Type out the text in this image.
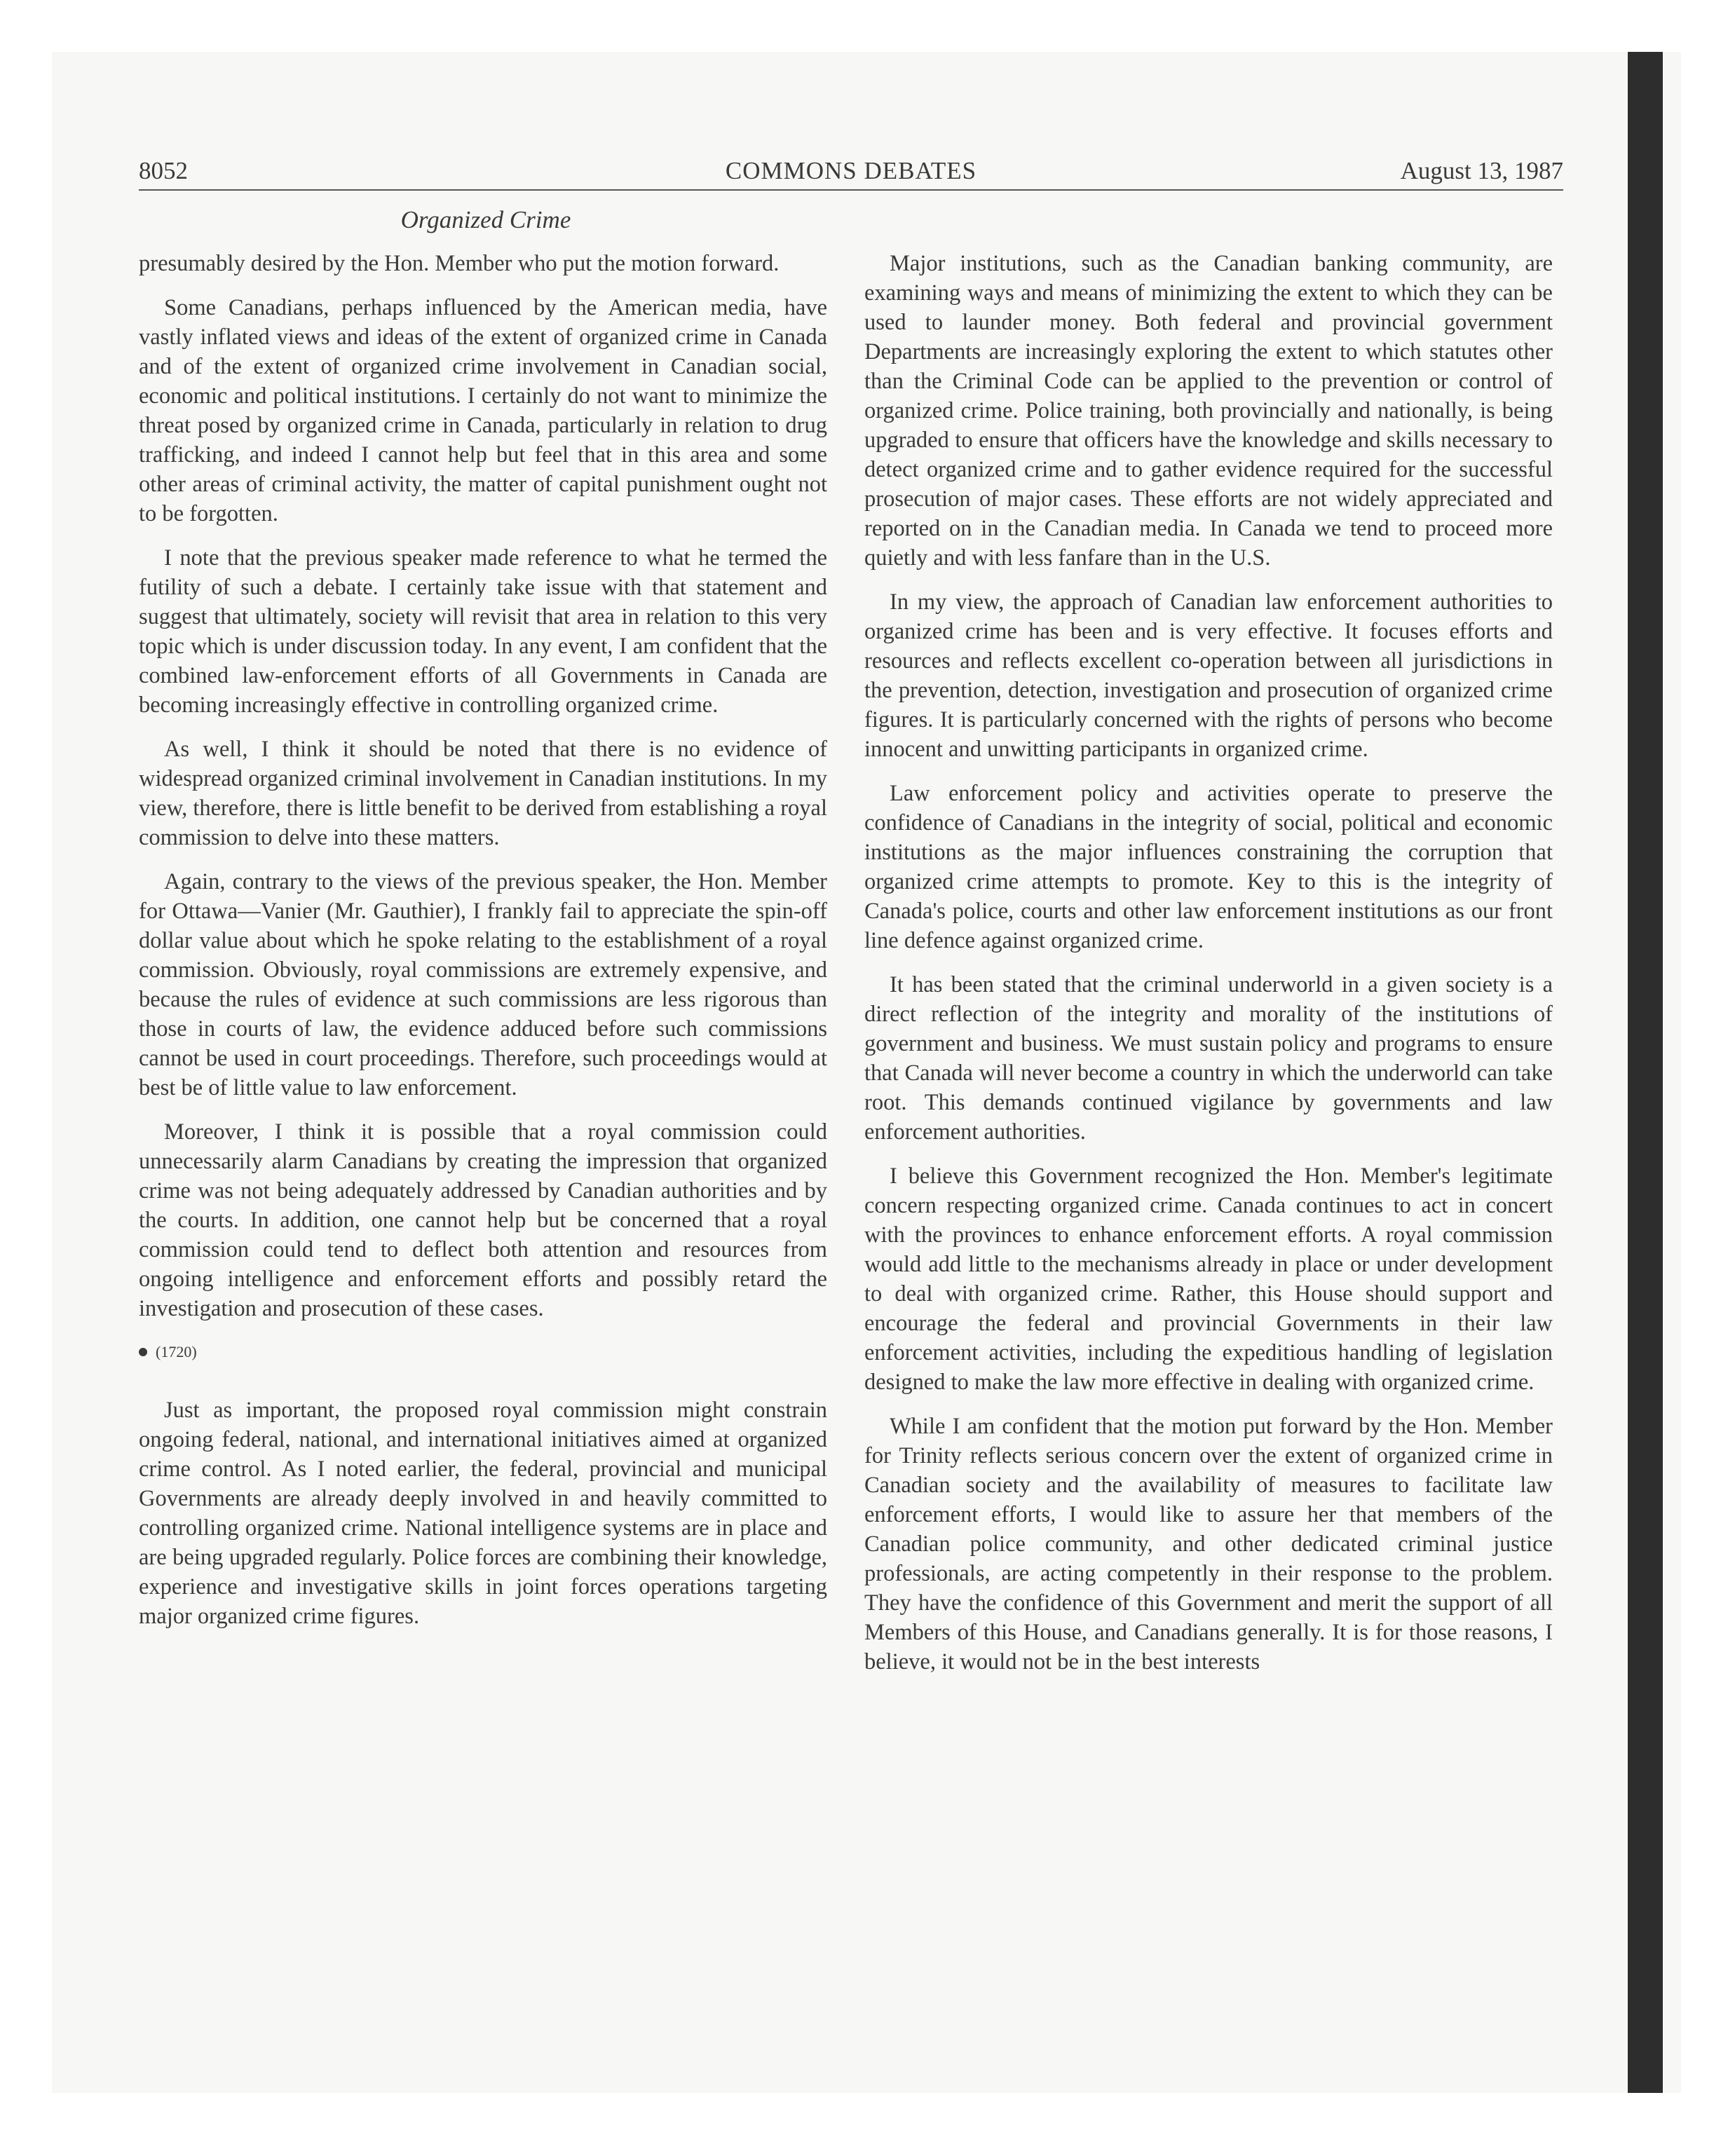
8052	COMMONS DEBATES	August 13, 1987
Organized Crime

presumably desired by the Hon. Member who put the motion forward.

Some Canadians, perhaps influenced by the American media, have vastly inflated views and ideas of the extent of organized crime in Canada and of the extent of organized crime involvement in Canadian social, economic and political institutions. I certainly do not want to minimize the threat posed by organized crime in Canada, particularly in relation to drug trafficking, and indeed I cannot help but feel that in this area and some other areas of criminal activity, the matter of capital punishment ought not to be forgotten.

I note that the previous speaker made reference to what he termed the futility of such a debate. I certainly take issue with that statement and suggest that ultimately, society will revisit that area in relation to this very topic which is under discussion today. In any event, I am confident that the combined law-enforcement efforts of all Governments in Canada are becoming increasingly effective in controlling organized crime.

As well, I think it should be noted that there is no evidence of widespread organized criminal involvement in Canadian institutions. In my view, therefore, there is little benefit to be derived from establishing a royal commission to delve into these matters.

Again, contrary to the views of the previous speaker, the Hon. Member for Ottawa—Vanier (Mr. Gauthier), I frankly fail to appreciate the spin-off dollar value about which he spoke relating to the establishment of a royal commission. Obviously, royal commissions are extremely expensive, and because the rules of evidence at such commissions are less rigorous than those in courts of law, the evidence adduced before such commissions cannot be used in court proceedings. Therefore, such proceedings would at best be of little value to law enforcement.

Moreover, I think it is possible that a royal commission could unnecessarily alarm Canadians by creating the impression that organized crime was not being adequately addressed by Canadian authorities and by the courts. In addition, one cannot help but be concerned that a royal commission could tend to deflect both attention and resources from ongoing intelligence and enforcement efforts and possibly retard the investigation and prosecution of these cases.

(1720)

Just as important, the proposed royal commission might constrain ongoing federal, national, and international initiatives aimed at organized crime control. As I noted earlier, the federal, provincial and municipal Governments are already deeply involved in and heavily committed to controlling organized crime. National intelligence systems are in place and are being upgraded regularly. Police forces are combining their knowledge, experience and investigative skills in joint forces operations targeting major organized crime figures.

Major institutions, such as the Canadian banking community, are examining ways and means of minimizing the extent to which they can be used to launder money. Both federal and provincial government Departments are increasingly exploring the extent to which statutes other than the Criminal Code can be applied to the prevention or control of organized crime. Police training, both provincially and nationally, is being upgraded to ensure that officers have the knowledge and skills necessary to detect organized crime and to gather evidence required for the successful prosecution of major cases. These efforts are not widely appreciated and reported on in the Canadian media. In Canada we tend to proceed more quietly and with less fanfare than in the U.S.

In my view, the approach of Canadian law enforcement authorities to organized crime has been and is very effective. It focuses efforts and resources and reflects excellent co-operation between all jurisdictions in the prevention, detection, investigation and prosecution of organized crime figures. It is particularly concerned with the rights of persons who become innocent and unwitting participants in organized crime.

Law enforcement policy and activities operate to preserve the confidence of Canadians in the integrity of social, political and economic institutions as the major influences constraining the corruption that organized crime attempts to promote. Key to this is the integrity of Canada's police, courts and other law enforcement institutions as our front line defence against organized crime.

It has been stated that the criminal underworld in a given society is a direct reflection of the integrity and morality of the institutions of government and business. We must sustain policy and programs to ensure that Canada will never become a country in which the underworld can take root. This demands continued vigilance by governments and law enforcement authorities.

I believe this Government recognized the Hon. Member's legitimate concern respecting organized crime. Canada continues to act in concert with the provinces to enhance enforcement efforts. A royal commission would add little to the mechanisms already in place or under development to deal with organized crime. Rather, this House should support and encourage the federal and provincial Governments in their law enforcement activities, including the expeditious handling of legislation designed to make the law more effective in dealing with organized crime.

While I am confident that the motion put forward by the Hon. Member for Trinity reflects serious concern over the extent of organized crime in Canadian society and the availability of measures to facilitate law enforcement efforts, I would like to assure her that members of the Canadian police community, and other dedicated criminal justice professionals, are acting competently in their response to the problem. They have the confidence of this Government and merit the support of all Members of this House, and Canadians generally. It is for those reasons, I believe, it would not be in the best interests
